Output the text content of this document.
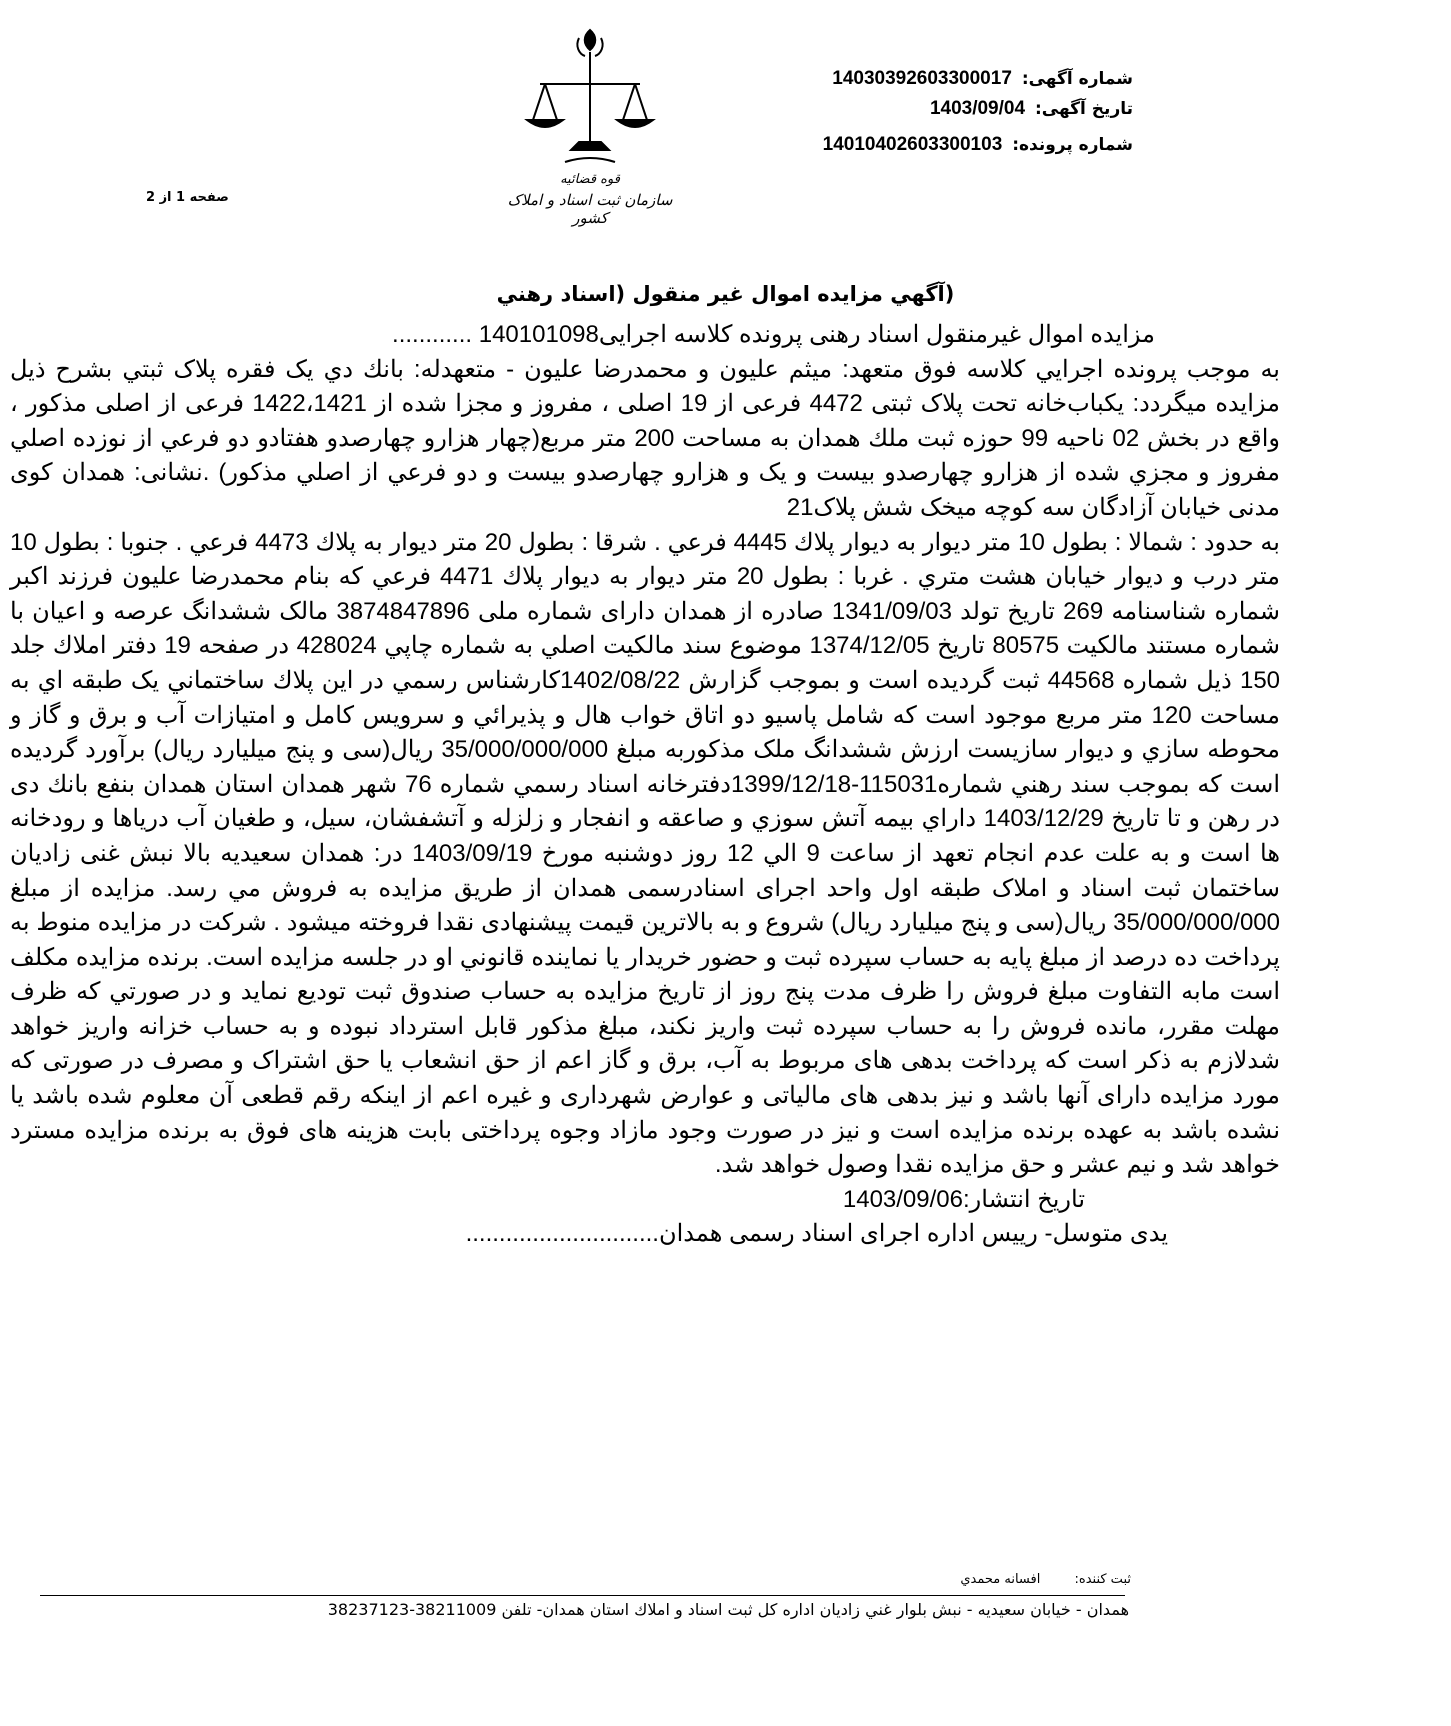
شماره آگهی: 14030392603300017
تاریخ آگهی: 1403/09/04
شماره پرونده: 14010402603300103
صفحه 1 از 2
قوه قضائیه
سازمان ثبت اسناد و املاک کشور
(آگهي مزايده اموال غير منقول (اسناد رهني

مزایده اموال غیرمنقول اسناد رهنی پرونده کلاسه اجرایی140101098 ............

به موجب پرونده اجرايي كلاسه فوق متعهد: ميثم عليون و محمدرضا عليون - متعهدله: بانك دي يک فقره پلاک ثبتي بشرح ذيل مزايده ميگردد: يکباب‌خانه تحت پلاک ثبتی 4472 فرعی از 19 اصلی ، مفروز و مجزا شده از 1422،1421 فرعی از اصلی مذکور ، واقع در بخش 02 ناحيه 99 حوزه ثبت ملك همدان به مساحت 200 متر مربع(چهار هزارو چهارصدو هفتادو دو فرعي از نوزده اصلي مفروز و مجزي شده از هزارو چهارصدو بيست و يک و هزارو چهارصدو بيست و دو فرعي از اصلي مذكور) .نشانی: همدان کوی مدنی خیابان آزادگان سه کوچه میخک شش پلاک21

به حدود : شمالا : بطول 10 متر ديوار به ديوار پلاك 4445 فرعي . شرقا : بطول 20 متر ديوار به پلاك 4473 فرعي . جنوبا : بطول 10 متر درب و ديوار خيابان هشت متري . غربا : بطول 20 متر ديوار به ديوار پلاك 4471 فرعي كه بنام محمدرضا عليون فرزند اكبر شماره شناسنامه 269 تاريخ تولد 1341/09/03 صادره از همدان دارای شماره ملی 3874847896 مالک ششدانگ عرصه و اعیان با شماره مستند مالکیت 80575 تاريخ 1374/12/05 موضوع سند مالكيت اصلي به شماره چاپي 428024 در صفحه 19 دفتر املاك جلد 150 ذيل شماره 44568 ثبت گرديده است و بموجب گزارش 1402/08/22کارشناس رسمي در اين پلاك ساختماني يک طبقه اي به مساحت 120 متر مربع موجود است كه شامل پاسيو دو اتاق خواب هال و پذيرائي و سرويس كامل و امتيازات آب و برق و گاز و محوطه سازي و ديوار سازيست ارزش ششدانگ ملک مذکوربه مبلغ 35/000/000/000 ريال(سی و پنج ميليارد ريال) برآورد گرديده است كه بموجب سند رهني شماره115031-1399/12/18دفترخانه اسناد رسمي شماره 76 شهر همدان استان همدان بنفع بانك دی در رهن و تا تاريخ 1403/12/29 داراي بيمه آتش سوزي و صاعقه و انفجار و زلزله و آتشفشان، سيل، و طغيان آب درياها و رودخانه ها است و به علت عدم انجام تعهد از ساعت 9 الي 12 روز دوشنبه مورخ 1403/09/19 در: همدان سعیدیه بالا نبش غنی زادیان ساختمان ثبت اسناد و املاک طبقه اول واحد اجرای اسنادرسمی همدان از طريق مزايده به فروش مي رسد. مزايده از مبلغ 35/000/000/000 ريال(سی و پنج ميليارد ريال) شروع و به بالاترين قيمت پيشنهادی نقدا فروخته ميشود . شركت در مزايده منوط به پرداخت ده درصد از مبلغ پايه به حساب سپرده ثبت و حضور خريدار يا نماينده قانوني او در جلسه مزايده است. برنده مزايده مكلف است مابه التفاوت مبلغ فروش را ظرف مدت پنج روز از تاريخ مزايده به حساب صندوق ثبت توديع نمايد و در صورتي كه ظرف مهلت مقرر، مانده فروش را به حساب سپرده ثبت واريز نكند، مبلغ مذكور قابل استرداد نبوده و به حساب خزانه واريز خواهد شدلازم به ذكر است كه پرداخت بدهی های مربوط به آب، برق و گاز اعم از حق انشعاب يا حق اشتراک و مصرف در صورتی كه مورد مزايده دارای آنها باشد و نيز بدهی های مالياتی و عوارض شهرداری و غيره اعم از اينكه رقم قطعی آن معلوم شده باشد يا نشده باشد به عهده برنده مزايده است و نيز در صورت وجود مازاد وجوه پرداختی بابت هزينه های فوق به برنده مزايده مسترد خواهد شد و نيم عشر و حق مزايده نقدا وصول خواهد شد.

تاریخ انتشار:1403/09/06

يدی متوسل- رييس اداره اجرای اسناد رسمی همدان.............................

ثبت کننده: افسانه محمدي
همدان - خیابان سعیدیه - نبش بلوار غني زاديان اداره كل ثبت اسناد و املاك استان همدان- تلفن 38211009-38237123
